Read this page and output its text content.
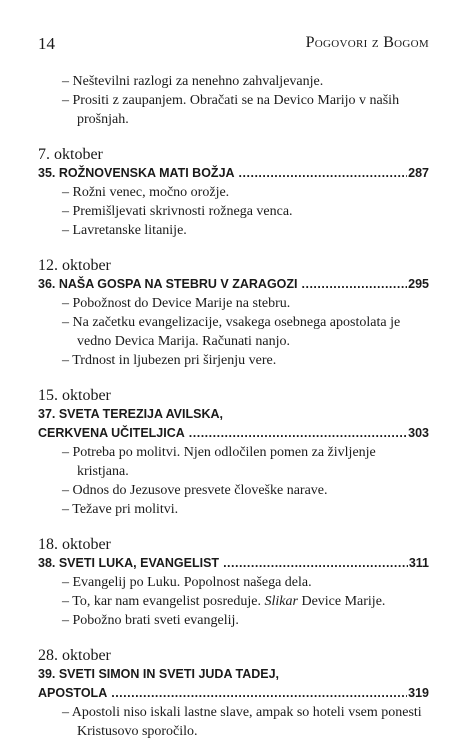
14	Pogovori z Bogom
– Neštevilni razlogi za nenehno zahvaljevanje.
– Prositi z zaupanjem. Obračati se na Devico Marijo v naših prošnjah.
7. oktober
35. ROŽNOVENSKA MATI BOŽJA .....	287
– Rožni venec, močno orožje.
– Premišljevati skrivnosti rožnega venca.
– Lavretanske litanije.
12. oktober
36. NAŠA GOSPA NA STEBRU V ZARAGOZI .....	295
– Pobožnost do Device Marije na stebru.
– Na začetku evangelizacije, vsakega osebnega apostolata je vedno Devica Marija. Računati nanjo.
– Trdnost in ljubezen pri širjenju vere.
15. oktober
37. SVETA TEREZIJA AVILSKA,
CERKVENA UČITELJICA .....	303
– Potreba po molitvi. Njen odločilen pomen za življenje kristjana.
– Odnos do Jezusove presvete človeške narave.
– Težave pri molitvi.
18. oktober
38. SVETI LUKA, EVANGELIST .....	311
– Evangelij po Luku. Popolnost našega dela.
– To, kar nam evangelist posreduje. Slikar Device Marije.
– Pobožno brati sveti evangelij.
28. oktober
39. SVETI SIMON IN SVETI JUDA TADEJ,
APOSTOLA .....	319
– Apostoli niso iskali lastne slave, ampak so hoteli vsem ponesti Kristusovo sporočilo.
